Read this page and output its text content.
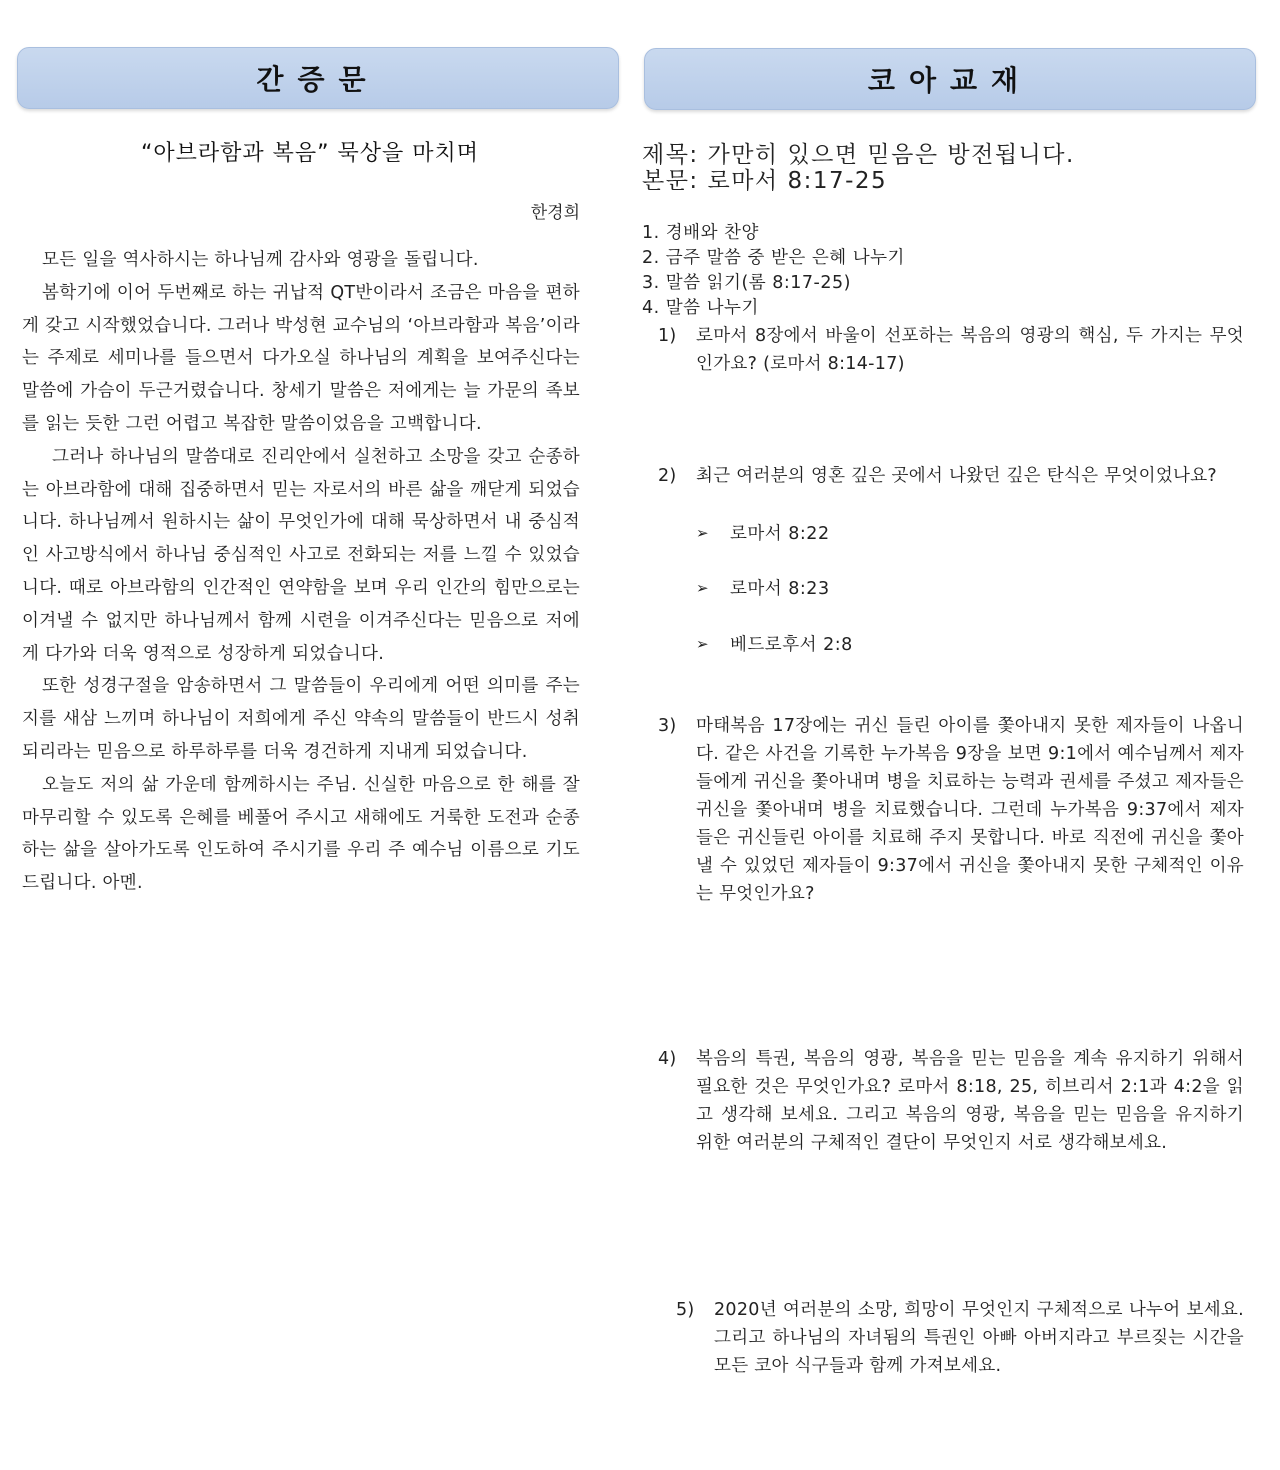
간증문
“아브라함과 복음” 묵상을 마치며
한경희

모든 일을 역사하시는 하나님께 감사와 영광을 돌립니다.

봄학기에 이어 두번째로 하는 귀납적 QT반이라서 조금은 마음을 편하게 갖고 시작했었습니다. 그러나 박성현 교수님의 ‘아브라함과 복음’이라는 주제로 세미나를 들으면서 다가오실 하나님의 계획을 보여주신다는 말씀에 가슴이 두근거렸습니다. 창세기 말씀은 저에게는 늘 가문의 족보를 읽는 듯한 그런 어렵고 복잡한 말씀이었음을 고백합니다.

그러나 하나님의 말씀대로 진리안에서 실천하고 소망을 갖고 순종하는 아브라함에 대해 집중하면서 믿는 자로서의 바른 삶을 깨닫게 되었습니다. 하나님께서 원하시는 삶이 무엇인가에 대해 묵상하면서 내 중심적인 사고방식에서 하나님 중심적인 사고로 전화되는 저를 느낄 수 있었습니다. 때로 아브라함의 인간적인 연약함을 보며 우리 인간의 힘만으로는 이겨낼 수 없지만 하나님께서 함께 시련을 이겨주신다는 믿음으로 저에게 다가와 더욱 영적으로 성장하게 되었습니다.

또한 성경구절을 암송하면서 그 말씀들이 우리에게 어떤 의미를 주는지를 새삼 느끼며 하나님이 저희에게 주신 약속의 말씀들이 반드시 성취되리라는 믿음으로 하루하루를 더욱 경건하게 지내게 되었습니다.

오늘도 저의 삶 가운데 함께하시는 주님. 신실한 마음으로 한 해를 잘 마무리할 수 있도록 은혜를 베풀어 주시고 새해에도 거룩한 도전과 순종하는 삶을 살아가도록 인도하여 주시기를 우리 주 예수님 이름으로 기도 드립니다. 아멘.

코아교재
제목: 가만히 있으면 믿음은 방전됩니다.
본문: 로마서 8:17-25
1. 경배와 찬양
2. 금주 말씀 중 받은 은혜 나누기
3. 말씀 읽기(롬 8:17-25)
4. 말씀 나누기
1)	로마서 8장에서 바울이 선포하는 복음의 영광의 핵심, 두 가지는 무엇인가요? (로마서 8:14-17)
2)	최근 여러분의 영혼 깊은 곳에서 나왔던 깊은 탄식은 무엇이었나요?
➢	로마서 8:22
➢	로마서 8:23
➢	베드로후서 2:8
3)	마태복음 17장에는 귀신 들린 아이를 쫓아내지 못한 제자들이 나옵니다. 같은 사건을 기록한 누가복음 9장을 보면 9:1에서 예수님께서 제자들에게 귀신을 쫓아내며 병을 치료하는 능력과 권세를 주셨고 제자들은 귀신을 쫓아내며 병을 치료했습니다. 그런데 누가복음 9:37에서 제자들은 귀신들린 아이를 치료해 주지 못합니다. 바로 직전에 귀신을 쫓아낼 수 있었던 제자들이 9:37에서 귀신을 쫓아내지 못한 구체적인 이유는 무엇인가요?
4)	복음의 특권, 복음의 영광, 복음을 믿는 믿음을 계속 유지하기 위해서 필요한 것은 무엇인가요? 로마서 8:18, 25, 히브리서 2:1과 4:2을 읽고 생각해 보세요. 그리고 복음의 영광, 복음을 믿는 믿음을 유지하기 위한 여러분의 구체적인 결단이 무엇인지 서로 생각해보세요.
5)	2020년 여러분의 소망, 희망이 무엇인지 구체적으로 나누어 보세요. 그리고 하나님의 자녀됨의 특권인 아빠 아버지라고 부르짖는 시간을 모든 코아 식구들과 함께 가져보세요.
